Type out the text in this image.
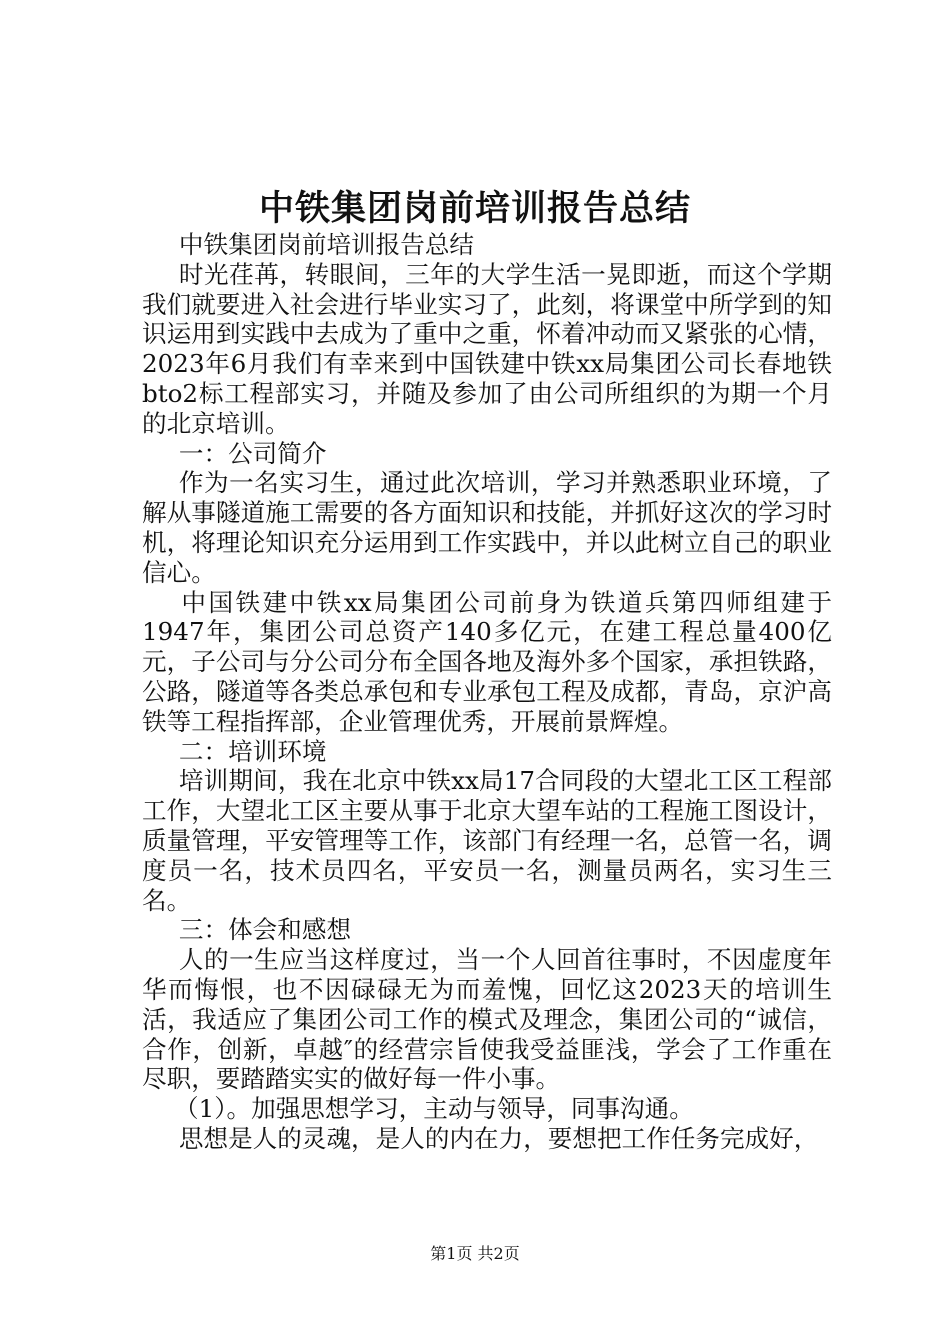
中铁集团岗前培训报告总结

中铁集团岗前培训报告总结

时光荏苒，转眼间，三年的大学生活一晃即逝，而这个学期我们就要进入社会进行毕业实习了，此刻，将课堂中所学到的知识运用到实践中去成为了重中之重，怀着冲动而又紧张的心情，2023年6月我们有幸来到中国铁建中铁xx局集团公司长春地铁bto2标工程部实习，并随及参加了由公司所组织的为期一个月的北京培训。

一：公司简介

作为一名实习生，通过此次培训，学习并熟悉职业环境，了解从事隧道施工需要的各方面知识和技能，并抓好这次的学习时机，将理论知识充分运用到工作实践中，并以此树立自己的职业信心。

中国铁建中铁xx局集团公司前身为铁道兵第四师组建于1947年，集团公司总资产140多亿元，在建工程总量400亿元，子公司与分公司分布全国各地及海外多个国家，承担铁路，公路，隧道等各类总承包和专业承包工程及成都，青岛，京沪高铁等工程指挥部，企业管理优秀，开展前景辉煌。

二：培训环境

培训期间，我在北京中铁xx局17合同段的大望北工区工程部工作，大望北工区主要从事于北京大望车站的工程施工图设计，质量管理，平安管理等工作，该部门有经理一名，总管一名，调度员一名，技术员四名，平安员一名，测量员两名，实习生三名。

三：体会和感想

人的一生应当这样度过，当一个人回首往事时，不因虚度年华而悔恨，也不因碌碌无为而羞愧，回忆这2023天的培训生活，我适应了集团公司工作的模式及理念，集团公司的“诚信，合作，创新，卓越″的经营宗旨使我受益匪浅，学会了工作重在尽职，要踏踏实实的做好每一件小事。

（1）。加强思想学习，主动与领导，同事沟通。

思想是人的灵魂，是人的内在力，要想把工作任务完成好，

第1页 共2页
